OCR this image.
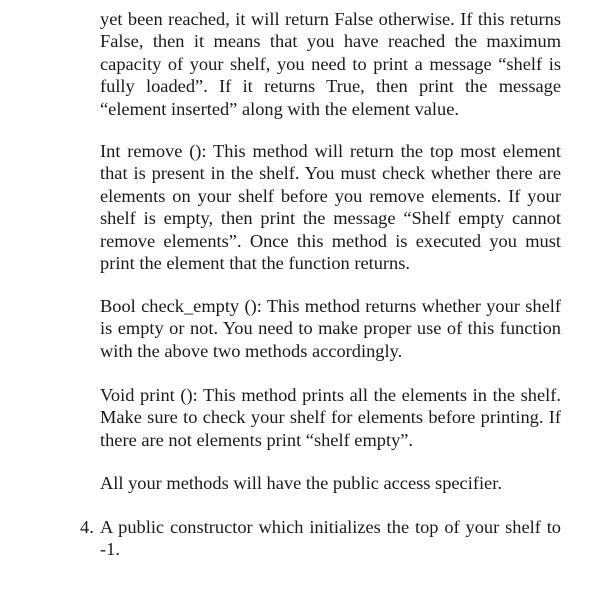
yet been reached, it will return False otherwise. If this returns False, then it means that you have reached the maximum capacity of your shelf, you need to print a message “shelf is fully loaded”. If it returns True, then print the message “element inserted” along with the element value.

Int remove (): This method will return the top most element that is present in the shelf. You must check whether there are elements on your shelf before you remove elements. If your shelf is empty, then print the message “Shelf empty cannot remove elements”. Once this method is executed you must print the element that the function returns.

Bool check_empty (): This method returns whether your shelf is empty or not. You need to make proper use of this function with the above two methods accordingly.

Void print (): This method prints all the elements in the shelf. Make sure to check your shelf for elements before printing. If there are not elements print “shelf empty”.

All your methods will have the public access specifier.

4. A public constructor which initializes the top of your shelf to -1.
